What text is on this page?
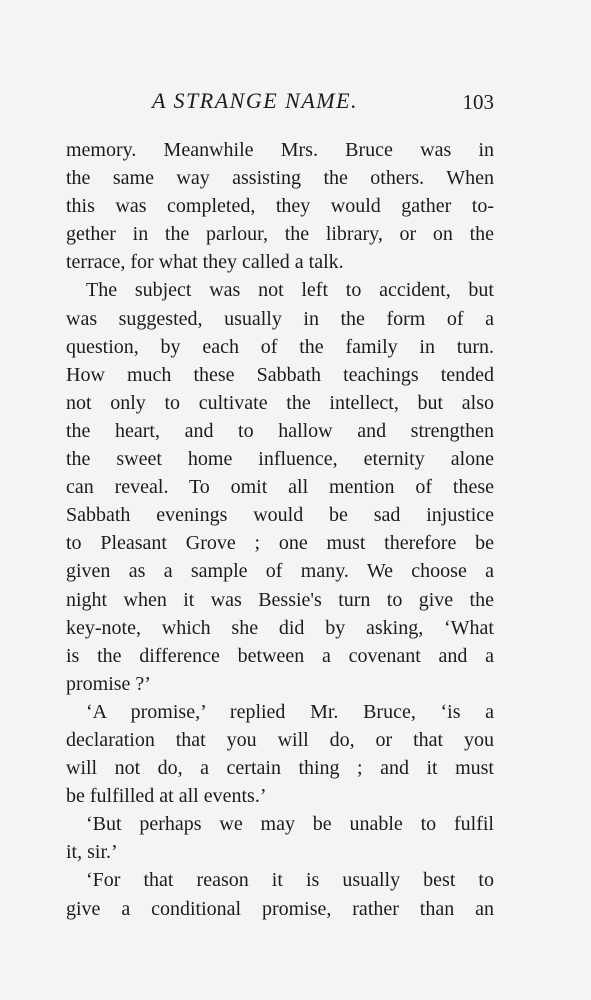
A STRANGE NAME.	103
memory. Meanwhile Mrs. Bruce was in
the same way assisting the others. When
this was completed, they would gather to-
gether in the parlour, the library, or on the
terrace, for what they called a talk.
The subject was not left to accident, but
was suggested, usually in the form of a
question, by each of the family in turn.
How much these Sabbath teachings tended
not only to cultivate the intellect, but also
the heart, and to hallow and strengthen
the sweet home influence, eternity alone
can reveal. To omit all mention of these
Sabbath evenings would be sad injustice
to Pleasant Grove ; one must therefore be
given as a sample of many. We choose a
night when it was Bessie's turn to give the
key-note, which she did by asking, ‘What
is the difference between a covenant and a
promise ?’
‘A promise,’ replied Mr. Bruce, ‘is a
declaration that you will do, or that you
will not do, a certain thing ; and it must
be fulfilled at all events.’
‘But perhaps we may be unable to fulfil
it, sir.’
‘For that reason it is usually best to
give a conditional promise, rather than an
